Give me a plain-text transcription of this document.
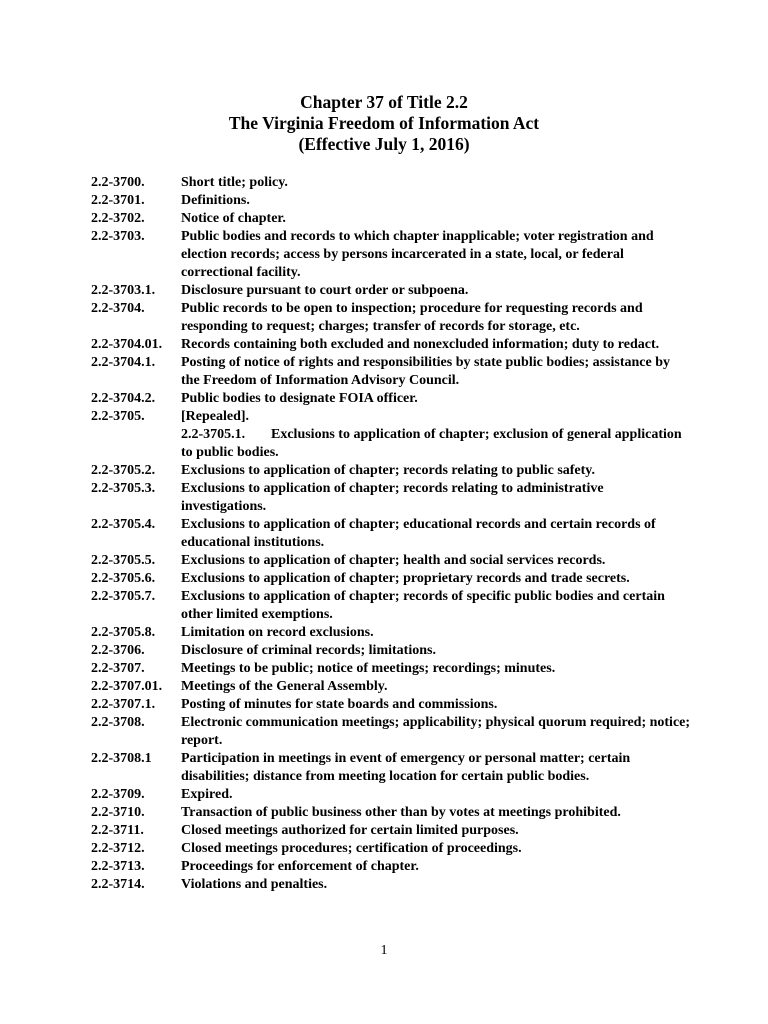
Chapter 37 of Title 2.2
The Virginia Freedom of Information Act
(Effective July 1, 2016)
2.2-3700.	Short title; policy.
2.2-3701.	Definitions.
2.2-3702.	Notice of chapter.
2.2-3703.	Public bodies and records to which chapter inapplicable; voter registration and election records; access by persons incarcerated in a state, local, or federal correctional facility.
2.2-3703.1.	Disclosure pursuant to court order or subpoena.
2.2-3704.	Public records to be open to inspection; procedure for requesting records and responding to request; charges; transfer of records for storage, etc.
2.2-3704.01.	Records containing both excluded and nonexcluded information; duty to redact.
2.2-3704.1.	Posting of notice of rights and responsibilities by state public bodies; assistance by the Freedom of Information Advisory Council.
2.2-3704.2.	Public bodies to designate FOIA officer.
2.2-3705.	[Repealed].
2.2-3705.1. Exclusions to application of chapter; exclusion of general application to public bodies.
2.2-3705.2.	Exclusions to application of chapter; records relating to public safety.
2.2-3705.3.	Exclusions to application of chapter; records relating to administrative investigations.
2.2-3705.4.	Exclusions to application of chapter; educational records and certain records of educational institutions.
2.2-3705.5.	Exclusions to application of chapter; health and social services records.
2.2-3705.6.	Exclusions to application of chapter; proprietary records and trade secrets.
2.2-3705.7.	Exclusions to application of chapter; records of specific public bodies and certain other limited exemptions.
2.2-3705.8.	Limitation on record exclusions.
2.2-3706.	Disclosure of criminal records; limitations.
2.2-3707.	Meetings to be public; notice of meetings; recordings; minutes.
2.2-3707.01.	Meetings of the General Assembly.
2.2-3707.1.	Posting of minutes for state boards and commissions.
2.2-3708.	Electronic communication meetings; applicability; physical quorum required; notice; report.
2.2-3708.1	Participation in meetings in event of emergency or personal matter; certain disabilities; distance from meeting location for certain public bodies.
2.2-3709.	Expired.
2.2-3710.	Transaction of public business other than by votes at meetings prohibited.
2.2-3711.	Closed meetings authorized for certain limited purposes.
2.2-3712.	Closed meetings procedures; certification of proceedings.
2.2-3713.	Proceedings for enforcement of chapter.
2.2-3714.	Violations and penalties.
1
